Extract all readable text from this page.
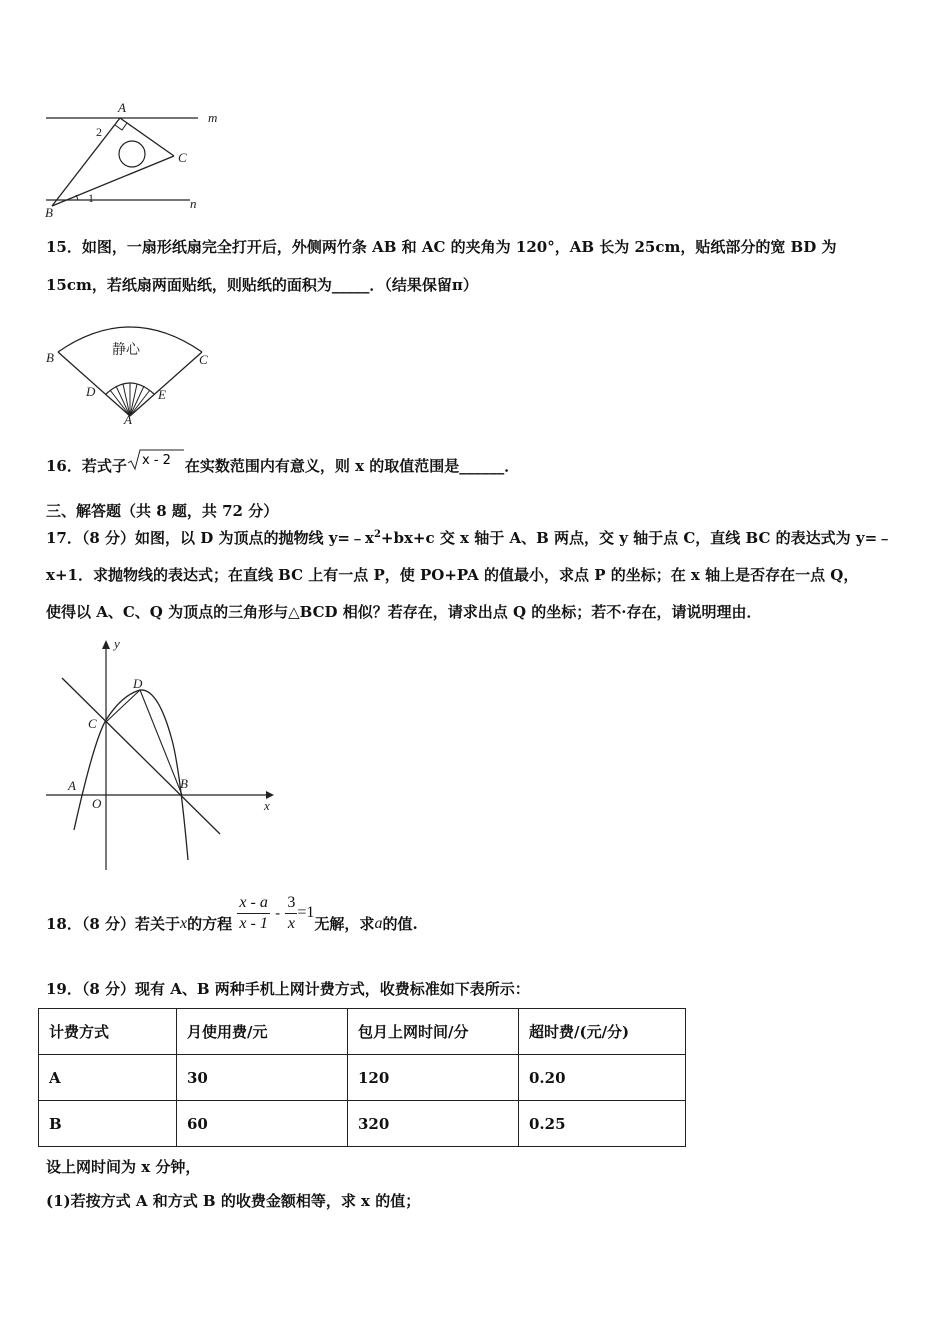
A
B
C
m
n
1
2
15．如图，一扇形纸扇完全打开后，外侧两竹条 AB 和 AC 的夹角为 120°，AB 长为 25cm，贴纸部分的宽 BD 为
15cm，若纸扇两面贴纸，则贴纸的面积为_____．（结果保留π）
静心
B	C
D	E
A
16．若式子 x - 2 在实数范围内有意义，则 x 的取值范围是______．
三、解答题（共 8 题，共 72 分）
17．（8 分）如图，以 D 为顶点的抛物线 $y=﹣x^2+bx+c$ 交 x 轴于 A、B 两点，交 y 轴于点 C，直线 BC 的表达式为 y=﹣
x+1．求抛物线的表达式；在直线 BC 上有一点 P，使 PO+PA 的值最小，求点 P 的坐标；在 x 轴上是否存在一点 Q，
使得以 A、C、Q 为顶点的三角形与△BCD 相似？若存在，请求出点 Q 的坐标；若不·存在，请说明理由．
y
D
C
A
O
B
x
18．（8 分）若关于x的方程 $\frac{x - a}{x - 1} - \frac{3}{x} =1$无解，求a的值.
19．（8 分）现有 A、B 两种手机上网计费方式，收费标准如下表所示：
计费方式	月使用费/元	包月上网时间/分	超时费/(元/分)
A	30	120	0.20
B	60	320	0.25
设上网时间为 x 分钟，
(1)若按方式 A 和方式 B 的收费金额相等，求 x 的值；
